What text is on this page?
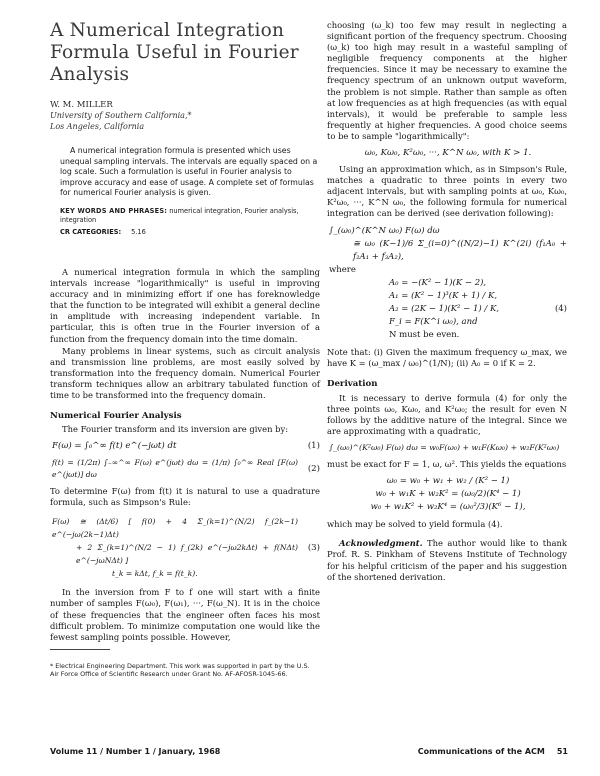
A Numerical Integration Formula Useful in Fourier Analysis
W. M. MILLER
University of Southern California,*
Los Angeles, California

A numerical integration formula is presented which uses unequal sampling intervals. The intervals are equally spaced on a log scale. Such a formulation is useful in Fourier analysis to improve accuracy and ease of usage. A complete set of formulas for numerical Fourier analysis is given.

KEY WORDS AND PHRASES: numerical integration, Fourier analysis, integration
CR CATEGORIES: 5.16

A numerical integration formula in which the sampling intervals increase "logarithmically" is useful in improving accuracy and in minimizing effort if one has foreknowledge that the function to be integrated will exhibit a general decline in amplitude with increasing independent variable. In particular, this is often true in the Fourier inversion of a function from the frequency domain into the time domain.

Many problems in linear systems, such as circuit analysis and transmission line problems, are most easily solved by transformation into the frequency domain. Numerical Fourier transform techniques allow an arbitrary tabulated function of time to be transformed into the frequency domain.

Numerical Fourier Analysis

The Fourier transform and its inversion are given by:

F(ω) = ∫₀^∞ f(t) e^(−jωt) dt	(1)
f(t) = (1/2π) ∫₋∞^∞ F(ω) e^(jωt) dω = (1/π) ∫₀^∞ Real [F(ω) e^(jωt)] dω
(2)

To determine F(ω) from f(t) it is natural to use a quadrature formula, such as Simpson's Rule:

F(ω) ≅ (Δt/6) [ f(0) + 4 Σ_(k=1)^(N/2) f_(2k−1) e^(−jω(2k−1)Δt)
+ 2 Σ_(k=1)^(N/2 − 1) f_(2k) e^(−jω2kΔt) + f(NΔt) e^(−jωNΔt) ]
t_k = kΔt, f_k = f(t_k).
(3)

In the inversion from F to f one will start with a finite number of samples F(ω₀), F(ω₁), ···, F(ω_N). It is in the choice of these frequencies that the engineer often faces his most difficult problem. To minimize computation one would like the fewest sampling points possible. However,

* Electrical Engineering Department. This work was supported in part by the U.S. Air Force Office of Scientific Research under Grant No. AF-AFOSR-1045-66.

choosing (ω_k) too few may result in neglecting a significant portion of the frequency spectrum. Choosing (ω_k) too high may result in a wasteful sampling of negligible frequency components at the higher frequencies. Since it may be necessary to examine the frequency spectrum of an unknown output waveform, the problem is not simple. Rather than sample as often at low frequencies as at high frequencies (as with equal intervals), it would be preferable to sample less frequently at higher frequencies. A good choice seems to be to sample "logarithmically":

ω₀, Kω₀, K²ω₀, ···, K^N ω₀, with K > 1.

Using an approximation which, as in Simpson's Rule, matches a quadratic to three points in every two adjacent intervals, but with sampling points at ω₀, Kω₀, K²ω₀, ···, K^N ω₀, the following formula for numerical integration can be derived (see derivation following):

∫_(ω₀)^(K^N ω₀) F(ω) dω
≅ ω₀ (K−1)/6 Σ_(i=0)^((N/2)−1) K^(2i) (f₁A₀ + f₂A₁ + f₃A₂),
where
A₀ = −(K² − 1)(K − 2),
A₁ = (K² − 1)³(K + 1) / K,
A₂ = (2K − 1)(K² − 1) / K,	(4)
F_i = F(K^i ω₀), and
N must be even.

Note that: (i) Given the maximum frequency ω_max, we have K = (ω_max / ω₀)^(1/N); (ii) A₀ = 0 if K = 2.

Derivation

It is necessary to derive formula (4) for only the three points ω₀, Kω₀, and K²ω₀; the result for even N follows by the additive nature of the integral. Since we are approximating with a quadratic,

∫_(ω₀)^(K²ω₀) F(ω) dω = w₀F(ω₀) + w₁F(Kω₀) + w₂F(K²ω₀)

must be exact for F = 1, ω, ω². This yields the equations

ω₀ = w₀ + w₁ + w₂ / (K² − 1)
w₀ + w₁K + w₂K² = (ω₀/2)(K⁴ − 1)
w₀ + w₁K² + w₂K⁴ = (ω₀²/3)(K⁶ − 1),

which may be solved to yield formula (4).

Acknowledgment. The author would like to thank Prof. R. S. Pinkham of Stevens Institute of Technology for his helpful criticism of the paper and his suggestion of the shortened derivation.

Volume 11 / Number 1 / January, 1968	Communications of the ACM 51
